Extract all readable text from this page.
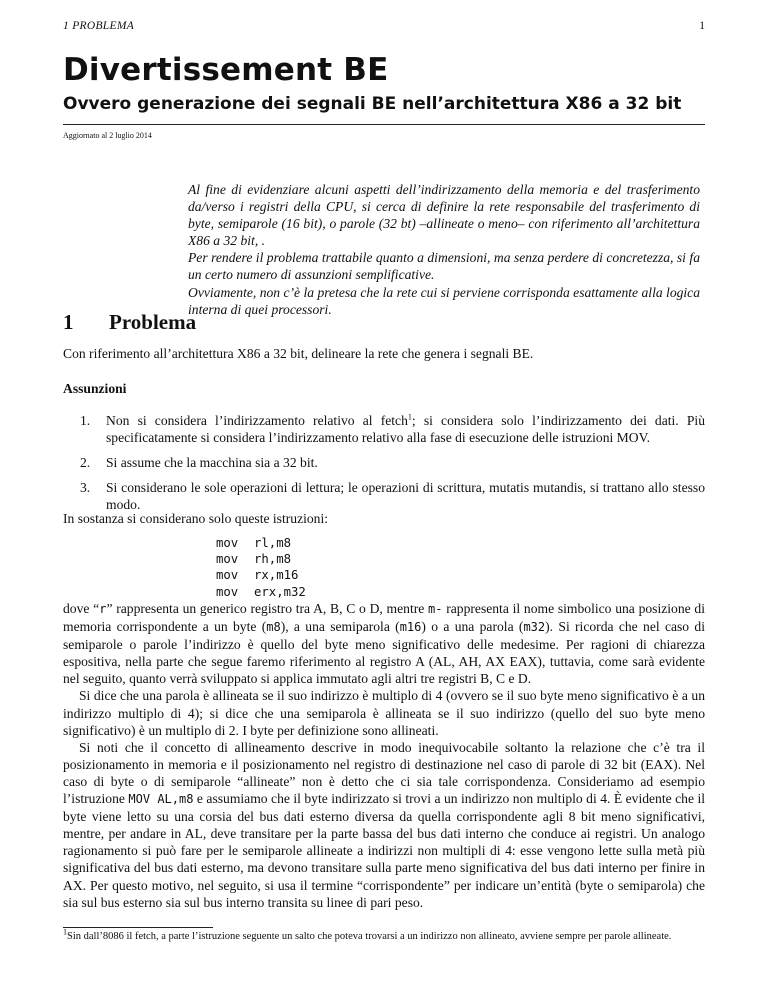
1 PROBLEMA	1
Divertissement BE
Ovvero generazione dei segnali BE nell’architettura X86 a 32 bit
Aggiornato al 2 luglio 2014

Al fine di evidenziare alcuni aspetti dell’indirizzamento della memoria e del trasferimento da/verso i registri della CPU, si cerca di definire la rete responsabile del trasferimento di byte, semiparole (16 bit), o parole (32 bt) –allineate o meno– con riferimento all’architettura X86 a 32 bit, .

Per rendere il problema trattabile quanto a dimensioni, ma senza perdere di concretezza, si fa un certo numero di assunzioni semplificative.

Ovviamente, non c’è la pretesa che la rete cui si perviene corrisponda esattamente alla logica interna di quei processori.

1 Problema
Con riferimento all’architettura X86 a 32 bit, delineare la rete che genera i segnali BE.
Assunzioni
1. Non si considera l’indirizzamento relativo al fetch$^1$; si considera solo l’indirizzamento dei dati. Più specificatamente si considera l’indirizzamento relativo alla fase di esecuzione delle istruzioni MOV.
2. Si assume che la macchina sia a 32 bit.
3. Si considerano le sole operazioni di lettura; le operazioni di scrittura, mutatis mutandis, si trattano allo stesso modo.
In sostanza si considerano solo queste istruzioni:
mov rl,m8
mov rh,m8
mov rx,m16
mov erx,m32

dove “r” rappresenta un generico registro tra A, B, C o D, mentre m- rappresenta il nome simbolico una posizione di memoria corrispondente a un byte (m8), a una semiparola (m16) o a una parola (m32). Si ricorda che nel caso di semiparole o parole l’indirizzo è quello del byte meno significativo delle medesime. Per ragioni di chiarezza espositiva, nella parte che segue faremo riferimento al registro A (AL, AH, AX EAX), tuttavia, come sarà evidente nel seguito, quanto verrà sviluppato si applica immutato agli altri tre registri B, C e D.

Si dice che una parola è allineata se il suo indirizzo è multiplo di 4 (ovvero se il suo byte meno significativo è a un indirizzo multiplo di 4); si dice che una semiparola è allineata se il suo indirizzo (quello del suo byte meno significativo) è un multiplo di 2. I byte per definizione sono allineati.

Si noti che il concetto di allineamento descrive in modo inequivocabile soltanto la relazione che c’è tra il posizionamento in memoria e il posizionamento nel registro di destinazione nel caso di parole di 32 bit (EAX). Nel caso di byte o di semiparole “allineate” non è detto che ci sia tale corrispondenza. Consideriamo ad esempio l’istruzione MOV AL,m8 e assumiamo che il byte indirizzato si trovi a un indirizzo non multiplo di 4. È evidente che il byte viene letto su una corsia del bus dati esterno diversa da quella corrispondente agli 8 bit meno significativi, mentre, per andare in AL, deve transitare per la parte bassa del bus dati interno che conduce ai registri. Un analogo ragionamento si può fare per le semiparole allineate a indirizzi non multipli di 4: esse vengono lette sulla metà più significativa del bus dati esterno, ma devono transitare sulla parte meno significativa del bus dati interno per finire in AX. Per questo motivo, nel seguito, si usa il termine “corrispondente” per indicare un’entità (byte o semiparola) che sia sul bus esterno sia sul bus interno transita su linee di pari peso.

$^1$Sin dall’8086 il fetch, a parte l’istruzione seguente un salto che poteva trovarsi a un indirizzo non allineato, avviene sempre per parole allineate.
